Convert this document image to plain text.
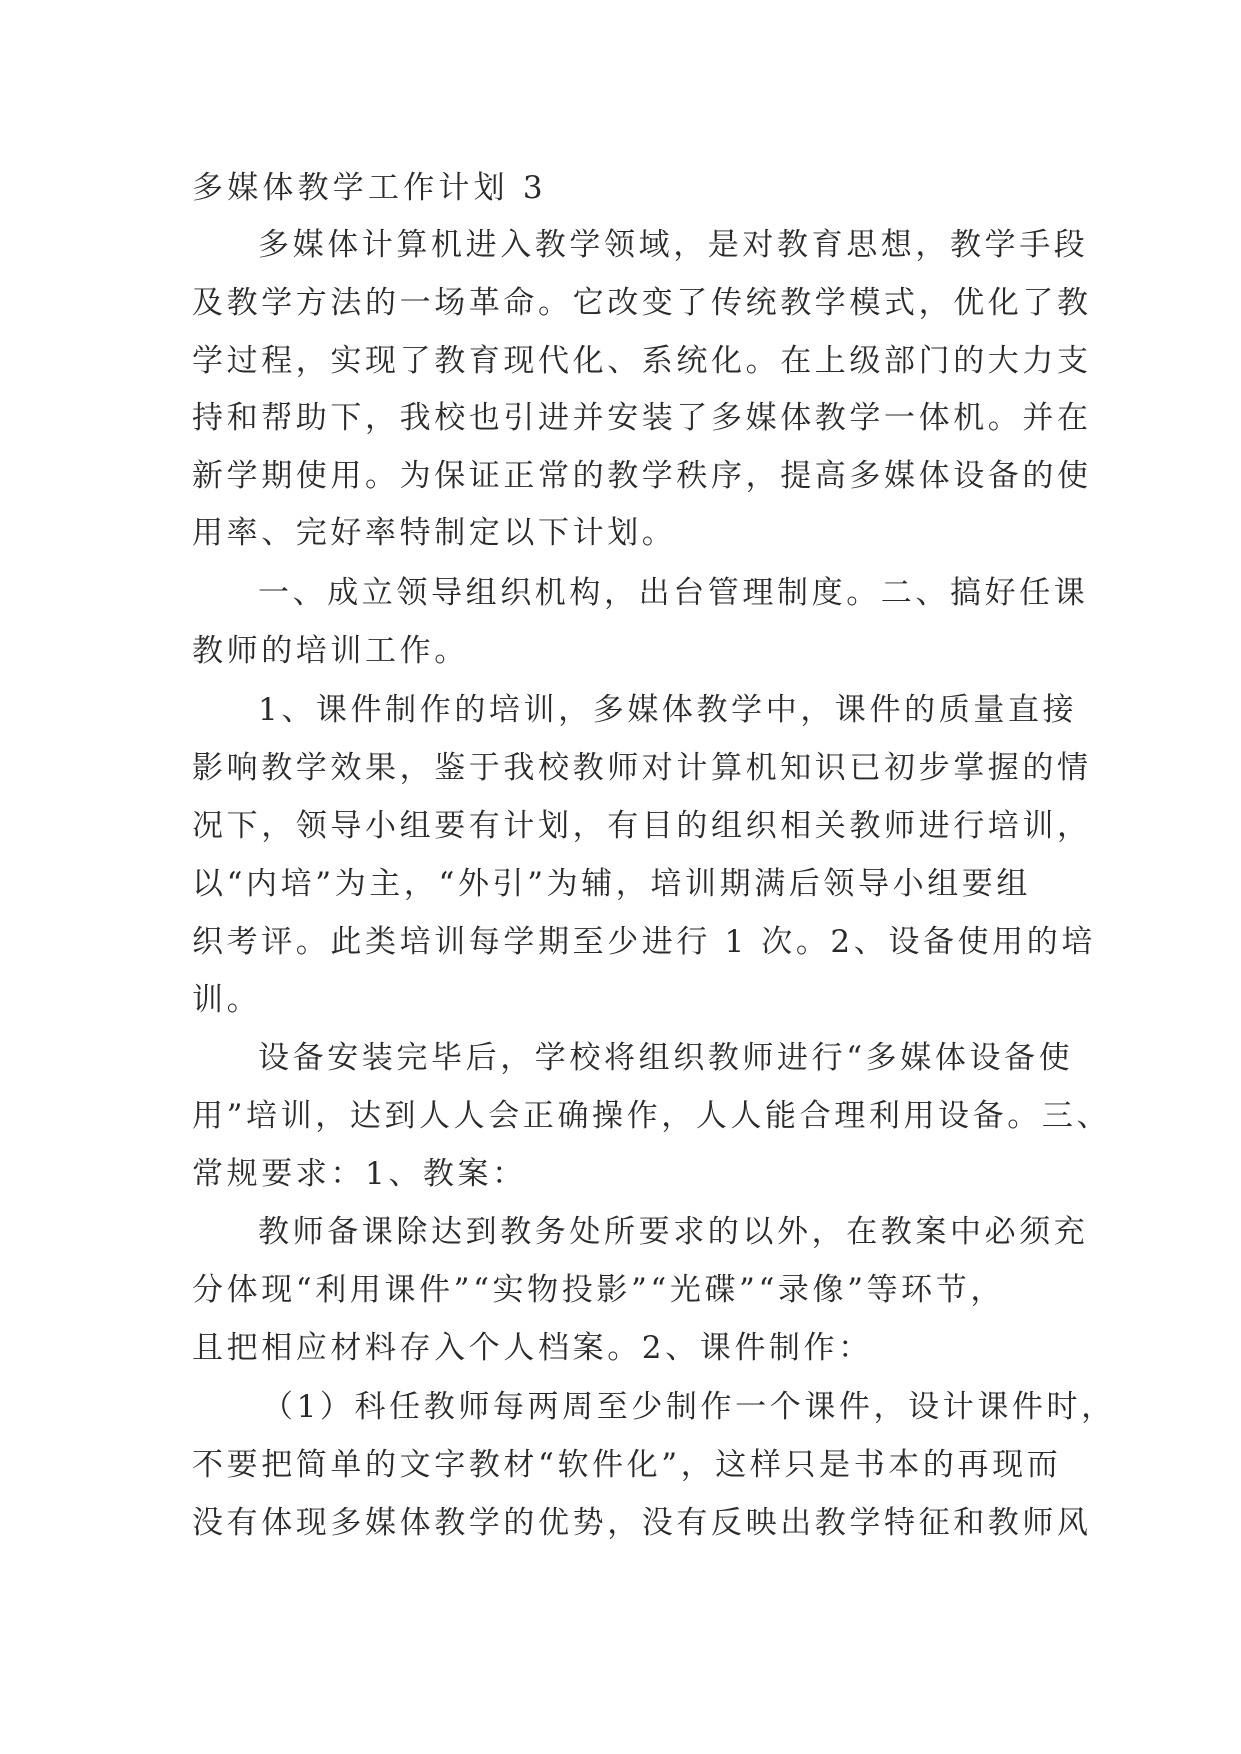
多媒体教学工作计划 3
多媒体计算机进入教学领域，是对教育思想，教学手段
及教学方法的一场革命。它改变了传统教学模式，优化了教
学过程，实现了教育现代化、系统化。在上级部门的大力支
持和帮助下，我校也引进并安装了多媒体教学一体机。并在
新学期使用。为保证正常的教学秩序，提高多媒体设备的使
用率、完好率特制定以下计划。
一、成立领导组织机构，出台管理制度。二、搞好任课
教师的培训工作。
1、课件制作的培训，多媒体教学中，课件的质量直接
影响教学效果，鉴于我校教师对计算机知识已初步掌握的情
况下，领导小组要有计划，有目的组织相关教师进行培训，
以“内培”为主，“外引”为辅，培训期满后领导小组要组
织考评。此类培训每学期至少进行 1 次。2、设备使用的培
训。
设备安装完毕后，学校将组织教师进行“多媒体设备使
用”培训，达到人人会正确操作，人人能合理利用设备。三、
常规要求：1、教案：
教师备课除达到教务处所要求的以外，在教案中必须充
分体现“利用课件”“实物投影”“光碟”“录像”等环节，
且把相应材料存入个人档案。2、课件制作：
（1）科任教师每两周至少制作一个课件，设计课件时，
不要把简单的文字教材“软件化”，这样只是书本的再现而
没有体现多媒体教学的优势，没有反映出教学特征和教师风
